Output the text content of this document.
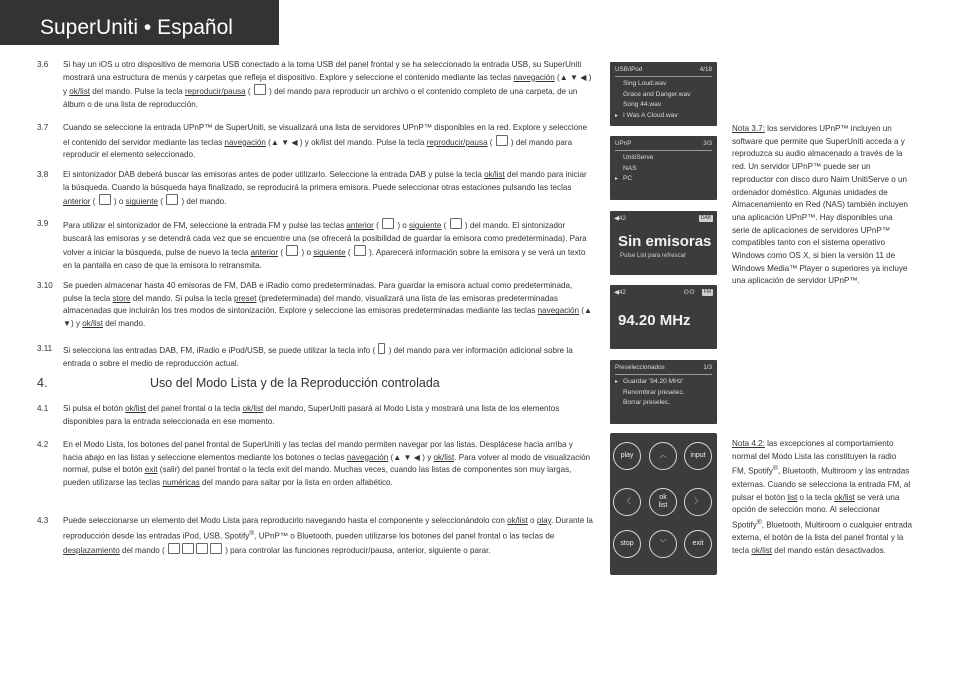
SuperUniti • Español
3.6 Si hay un iOS u otro dispositivo de memoria USB conectado a la toma USB del panel frontal y se ha seleccionado la entrada USB, su SuperUniti mostrará una estructura de menús y carpetas que refleja el dispositivo. Explore y seleccione el contenido mediante las teclas navegación (▲ ▼ ◀ ) y ok/list del mando. Pulse la tecla reproducir/pausa (  ) del mando para reproducir un archivo o el contenido completo de una carpeta, de un álbum o de una lista de reproducción.
3.7 Cuando se seleccione la entrada UPnP™ de SuperUniti, se visualizará una lista de servidores UPnP™ disponibles en la red. Explore y seleccione el contenido del servidor mediante las teclas navegación (▲ ▼ ◀ ) y ok/list del mando. Pulse la tecla reproducir/pausa (  ) del mando para reproducir el elemento seleccionado.
3.8 El sintonizador DAB deberá buscar las emisoras antes de poder utilizarlo. Seleccione la entrada DAB y pulse la tecla ok/list del mando para iniciar la búsqueda. Cuando la búsqueda haya finalizado, se reproducirá la primera emisora. Puede seleccionar otras estaciones pulsando las teclas anterior (  ) o siguiente (  ) del mando.
3.9 Para utilizar el sintonizador de FM, seleccione la entrada FM y pulse las teclas anterior (  ) o siguiente (  ) del mando. El sintonizador buscará las emisoras y se detendrá cada vez que se encuentre una (se ofrecerá la posibilidad de guardar la emisora como predeterminada). Para volver a iniciar la búsqueda, pulse de nuevo la tecla anterior (  ) o siguiente (  ). Aparecerá información sobre la emisora y se verá un texto en la pantalla en caso de que la emisora lo retransmita.
3.10 Se pueden almacenar hasta 40 emisoras de FM, DAB e iRadio como predeterminadas. Para guardar la emisora actual como predeterminada, pulse la tecla store del mando. Si pulsa la tecla preset (predeterminada) del mando, visualizará una lista de las emisoras predeterminadas almacenadas que incluirán los tres modos de sintonización. Explore y seleccione las emisoras predeterminadas mediante las teclas navegación (▲ ▼) y ok/list del mando.
3.11 Si selecciona las entradas DAB, FM, iRadio e iPod/USB, se puede utilizar la tecla info (  ) del mando para ver información adicional sobre la entrada o sobre el medio de reproducción actual.
4.	Uso del Modo Lista y de la Reproducción controlada
4.1 Si pulsa el botón ok/list del panel frontal o la tecla ok/list del mando, SuperUniti pasará al Modo Lista y mostrará una lista de los elementos disponibles para la entrada seleccionada en ese momento.
4.2 En el Modo Lista, los botones del panel frontal de SuperUniti y las teclas del mando permiten navegar por las listas. Desplácese hacia arriba y hacia abajo en las listas y seleccione elementos mediante los botones o teclas navegación (▲ ▼ ◀ ) y ok/list. Para volver al modo de visualización normal, pulse el botón exit (salir) del panel frontal o la tecla exit del mando. Muchas veces, cuando las listas de componentes son muy largas, pueden utilizarse las teclas numéricas del mando para saltar por la lista en orden alfabético.
4.3 Puede seleccionarse un elemento del Modo Lista para reproducirlo navegando hasta el componente y seleccionándolo con ok/list o play. Durante la reproducción desde las entradas iPod, USB, Spotify®, UPnP™ o Bluetooth, pueden utilizarse los botones del panel frontal o las teclas de desplazamiento del mando (	) para controlar las funciones reproducir/pausa, anterior, siguiente o parar.
USB/iPod	4/18
Sing Loud.wav
Grace and Danger.wav
Song 44.wav
▸ I Was A Cloud.wav
UPnP	3/3
UnitiServe
NAS
▸ PC
◀42	DAB
Sin emisoras
Pulse List para refrescar
◀42	FM
⊙⊙
94.20 MHz
Preseleccionados	1/3
▸ Guardar '94.20 MHz'
Renombrar preselec.
Borrar preselec.
play	︿	input
〈
ok
list
〉
stop	﹀	exit
Nota 3.7: los servidores UPnP™ incluyen un software que permite que SuperUniti acceda a y reproduzca su audio almacenado a través de la red. Un servidor UPnP™ puede ser un reproductor con disco duro Naim UnitiServe o un ordenador doméstico. Algunas unidades de Almacenamiento en Red (NAS) también incluyen una aplicación UPnP™. Hay disponibles una serie de aplicaciones de servidores UPnP™ compatibles tanto con el sistema operativo Windows como OS X, si bien la versión 11 de Windows Media™ Player o superiores ya incluye una aplicación de servidor UPnP™.
Nota 4.2: las excepciones al comportamiento normal del Modo Lista las constituyen la radio FM, Spotify®, Bluetooth, Multiroom y las entradas externas. Cuando se selecciona la entrada FM, al pulsar el botón list o la tecla ok/list se verá una opción de selección mono. Al seleccionar Spotify®, Bluetooth, Multiroom o cualquier entrada externa, el botón de la lista del panel frontal y la tecla ok/list del mando están desactivados.
